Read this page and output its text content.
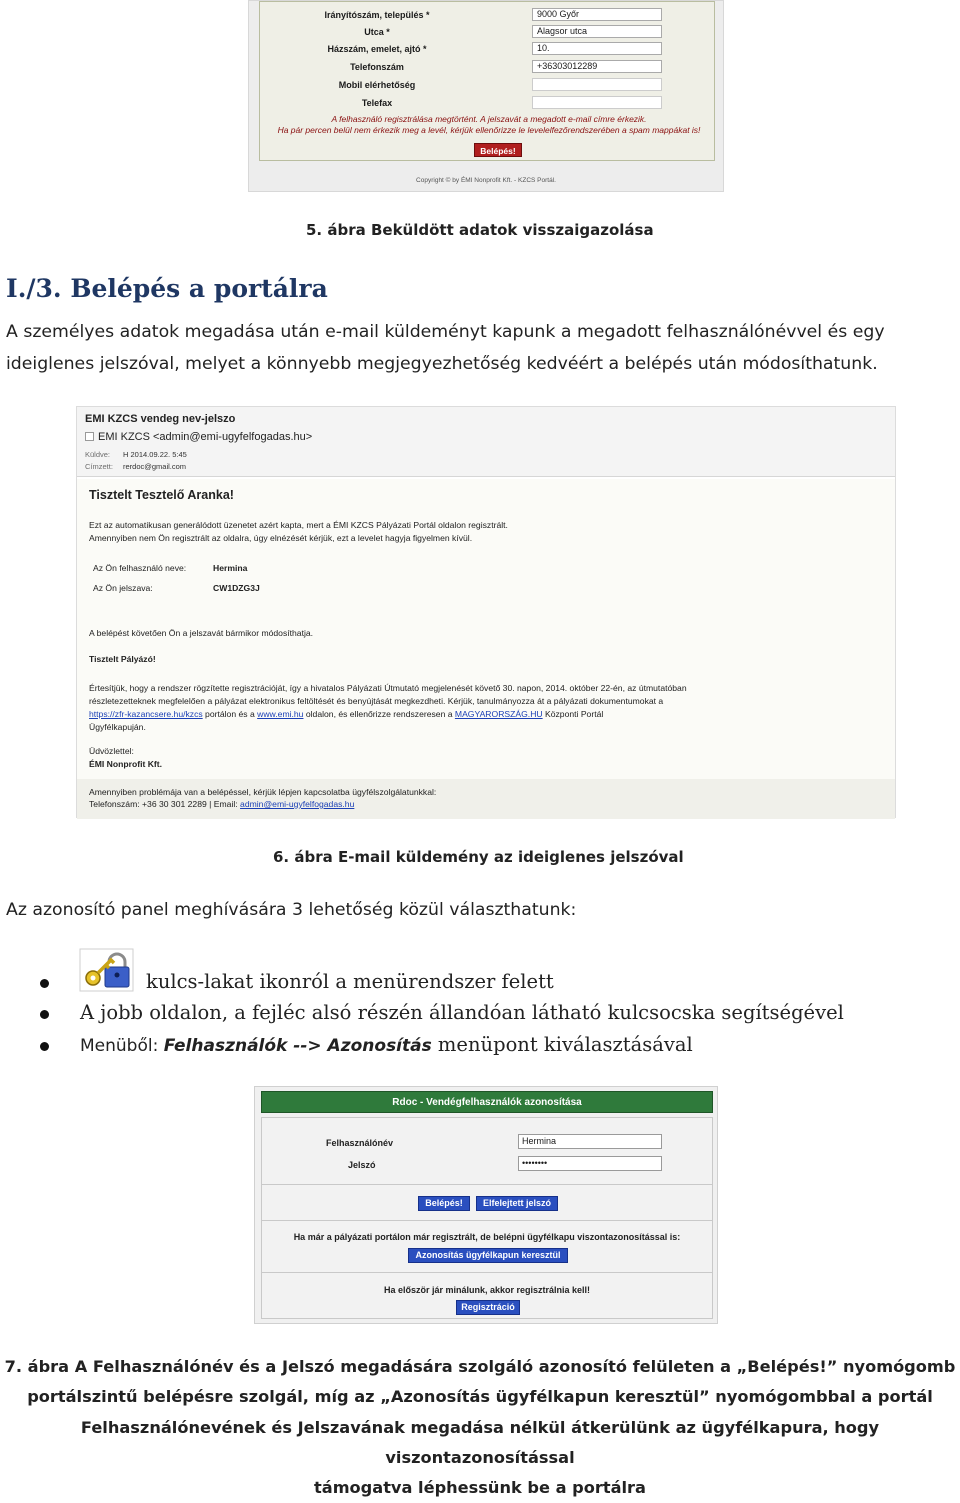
Irányítószám, település *	9000 Győr
Utca *	Alagsor utca
Házszám, emelet, ajtó *	10.
Telefonszám	+36303012289
Mobil elérhetőség
Telefax
A felhasználó regisztrálása megtörtént. A jelszavát a megadott e-mail címre érkezik.
Ha pár percen belül nem érkezik meg a levél, kérjük ellenőrizze le levelelfezőrendszerében a spam mappákat is!
Belépés!
Copyright © by ÉMI Nonprofit Kft. - KZCS Portál.
5. ábra Beküldött adatok visszaigazolása
I./3. Belépés a portálra
A személyes adatok megadása után e-mail küldeményt kapunk a megadott felhasználónévvel és egy
ideiglenes jelszóval, melyet a könnyebb megjegyezhetőség kedvéért a belépés után módosíthatunk.
EMI KZCS vendeg nev-jelszo
EMI KZCS <admin@emi-ugyfelfogadas.hu>
Küldve: H 2014.09.22. 5:45
Címzett: rerdoc@gmail.com
Tisztelt Tesztelő Aranka!
Ezt az automatikusan generálódott üzenetet azért kapta, mert a ÉMI KZCS Pályázati Portál oldalon regisztrált.
Amennyiben nem Ön regisztrált az oldalra, úgy elnézését kérjük, ezt a levelet hagyja figyelmen kívül.
Az Ön felhasználó neve:	Hermina
Az Ön jelszava:	CW1DZG3J
A belépést követően Ön a jelszavát bármikor módosíthatja.
Tisztelt Pályázó!
Értesítjük, hogy a rendszer rögzítette regisztrációját, így a hivatalos Pályázati Útmutató megjelenését követő 30. napon, 2014. október 22-én, az útmutatóban
részletezetteknek megfelelően a pályázat elektronikus feltöltését és benyújtását megkezdheti. Kérjük, tanulmányozza át a pályázati dokumentumokat a
https://zfr-kazancsere.hu/kzcs portálon és a www.emi.hu oldalon, és ellenőrizze rendszeresen a MAGYARORSZÁG.HU Központi Portál
Ügyfélkapuján.
Üdvözlettel:
ÉMI Nonprofit Kft.
Amennyiben problémája van a belépéssel, kérjük lépjen kapcsolatba ügyfélszolgálatunkkal:
Telefonszám: +36 30 301 2289 | Email: admin@emi-ugyfelfogadas.hu
6. ábra E-mail küldemény az ideiglenes jelszóval
Az azonosító panel meghívására 3 lehetőség közül választhatunk:
kulcs-lakat ikonról a menürendszer felett
A jobb oldalon, a fejléc alsó részén állandóan látható kulcsocska segítségével
Menüből: Felhasználók --> Azonosítás menüpont kiválasztásával
Rdoc - Vendégfelhasználók azonosítása
Felhasználónév	Hermina
Jelszó	••••••••
Belépés!	Elfelejtett jelszó
Ha már a pályázati portálon már regisztrált, de belépni ügyfélkapu viszontazonosítással is:
Azonosítás ügyfélkapun keresztül
Ha először jár minálunk, akkor regisztrálnia kell!
Regisztráció
7. ábra A Felhasználónév és a Jelszó megadására szolgáló azonosító felületen a „Belépés!” nyomógomb
portálszintű belépésre szolgál, míg az „Azonosítás ügyfélkapun keresztül” nyomógombbal a portál
Felhasználónevének és Jelszavának megadása nélkül átkerülünk az ügyfélkapura, hogy viszontazonosítással
támogatva léphessünk be a portálra
